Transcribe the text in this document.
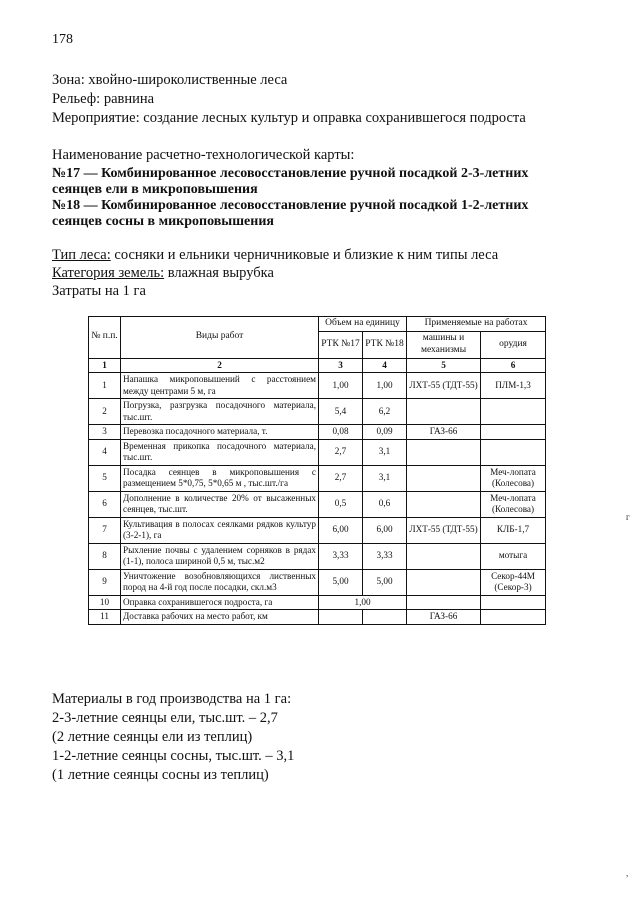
178
Зона: хвойно-широколиственные леса
Рельеф: равнина
Мероприятие: создание лесных культур и оправка сохранившегося подроста
Наименование расчетно-технологической карты:
№17 — Комбинированное лесовосстановление ручной посадкой 2-3-летних
сеянцев ели в микроповышения
№18 — Комбинированное лесовосстановление ручной посадкой 1-2-летних
сеянцев сосны в микроповышения
Тип леса: сосняки и ельники черничниковые и близкие к ним типы леса
Категория земель: влажная вырубка
Затраты на 1 га
№ п.п.	Виды работ	Объем на единицу		Применяемые на работах	
		РТК №17	РТК №18	машины и механизмы	орудия
1	2	3	4	5	6
1	Напашка микроповышений с расстоянием между центрами 5 м, га	1,00	1,00	ЛХТ-55 (ТДТ-55)	ПЛМ-1,3
2	Погрузка, разгрузка посадочного материала, тыс.шт.	5,4	6,2		
3	Перевозка посадочного материала, т.	0,08	0,09	ГАЗ-66	
4	Временная прикопка посадочного материала, тыс.шт.	2,7	3,1		
5	Посадка сеянцев в микроповышения с размещением 5*0,75, 5*0,65 м , тыс.шт./га	2,7	3,1		Меч-лопата (Колесова)
6	Дополнение в количестве 20% от высаженных сеянцев, тыс.шт.	0,5	0,6		Меч-лопата (Колесова)
7	Культивация в полосах сеялками рядков культур (3-2-1), га	6,00	6,00	ЛХТ-55 (ТДТ-55)	КЛБ-1,7
8	Рыхление почвы с удалением сорняков в рядах (1-1), полоса шириной 0,5 м, тыс.м2	3,33	3,33		мотыга
9	Уничтожение возобновляющихся лиственных пород на 4-й год после посадки, скл.м3	5,00	5,00		Секор-44М (Секор-3)
10	Оправка сохранившегося подроста, га	1,00			
11	Доставка рабочих на место работ, км			ГАЗ-66	
Материалы в год производства на 1 га:
2-3-летние сеянцы ели, тыс.шт. – 2,7
(2 летние сеянцы ели из теплиц)
1-2-летние сеянцы сосны, тыс.шт. – 3,1
(1 летние сеянцы сосны из теплиц)
г
,
